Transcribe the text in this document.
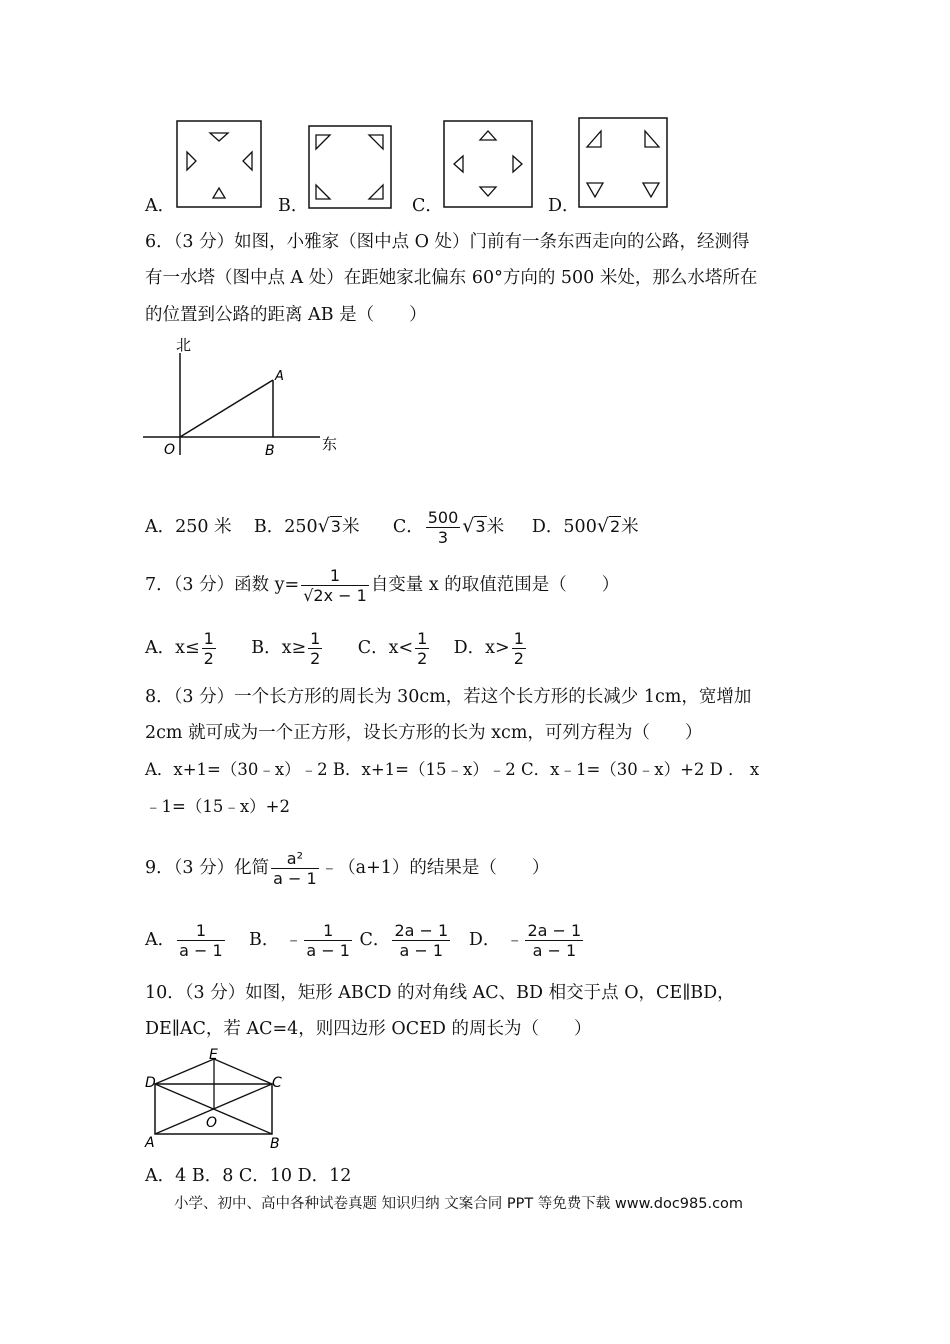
A．	B．	C．	D．
6．（3 分）如图，小雅家（图中点 O 处）门前有一条东西走向的公路，经测得
有一水塔（图中点 A 处）在距她家北偏东 60°方向的 500 米处，那么水塔所在
的位置到公路的距离 AB 是（　　）
北
东
O
A
B
A．250 米 B．250√3米 C． $\frac{500}{3} √3$米 D．500√2米
7．（3 分）函数 $y= \frac{1}{√2x - 1}$ 自变量 x 的取值范围是（　　）
A．$x\le \frac{1}{2}$ B．$x\ge \frac{1}{2}$ C．$x< \frac{1}{2}$ D．$x> \frac{1}{2}$
8．（3 分）一个长方形的周长为 30cm，若这个长方形的长减少 1cm，宽增加
2cm 就可成为一个正方形，设长方形的长为 xcm，可列方程为（　　）
A．x+1=（30﹣x）﹣2 B．x+1=（15﹣x）﹣2 C．x﹣1=（30﹣x）+2 D ． x
﹣1=（15﹣x）+2
9．（3 分）化简 $\frac{\text{a²}}{a - 1}$ ﹣（a+1）的结果是（　　）
A． $\frac{1}{a - 1}$ B． ﹣ $\frac{1}{a - 1}$ C． $\frac{2a - 1}{a - 1}$ D． ﹣ $\frac{2a - 1}{a - 1}$
10．（3 分）如图，矩形 ABCD 的对角线 AC、BD 相交于点 O，CE∥BD，
DE∥AC，若 AC=4，则四边形 OCED 的周长为（　　）
A	B
C
D
E
O
A．4 B．8 C．10 D．12
小学、初中、高中各种试卷真题 知识归纳 文案合同 PPT 等免费下载 www.doc985.com
